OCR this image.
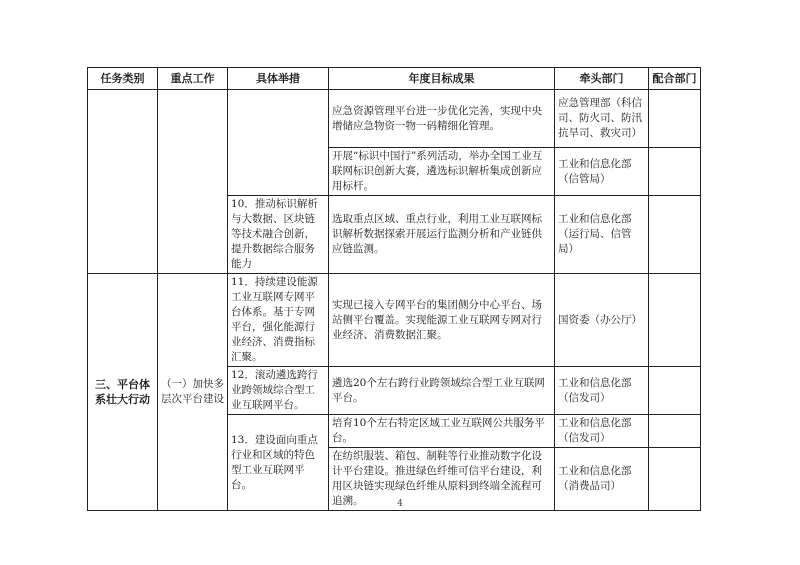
任务类别	重点工作	具体举措	年度目标成果	牵头部门	配合部门
			应急资源管理平台进一步优化完善，实现中央增储应急物资一物一码精细化管理。	应急管理部（科信司、防火司、防汛抗旱司、救灾司）	
			开展“标识中国行”系列活动，举办全国工业互联网标识创新大赛，遴选标识解析集成创新应用标杆。	工业和信息化部（信管局）	
		10．推动标识解析与大数据、区块链等技术融合创新，提升数据综合服务能力	选取重点区域、重点行业，利用工业互联网标识解析数据探索开展运行监测分析和产业链供应链监测。	工业和信息化部（运行局、信管局）	
三、平台体系壮大行动	（一）加快多层次平台建设	11．持续建设能源工业互联网专网平台体系。基于专网平台，强化能源行业经济、消费指标汇聚。	实现已接入专网平台的集团侧分中心平台、场站侧平台覆盖。实现能源工业互联网专网对行业经济、消费数据汇聚。	国资委（办公厅）	
		12．滚动遴选跨行业跨领域综合型工业互联网平台。	遴选20个左右跨行业跨领域综合型工业互联网平台。	工业和信息化部（信发司）	
		13．建设面向重点行业和区域的特色型工业互联网平台。	培育10个左右特定区域工业互联网公共服务平台。	工业和信息化部（信发司）	
			在纺织服装、箱包、制鞋等行业推动数字化设计平台建设。推进绿色纤维可信平台建设，利用区块链实现绿色纤维从原料到终端全流程可追溯。	工业和信息化部（消费品司）	
4
